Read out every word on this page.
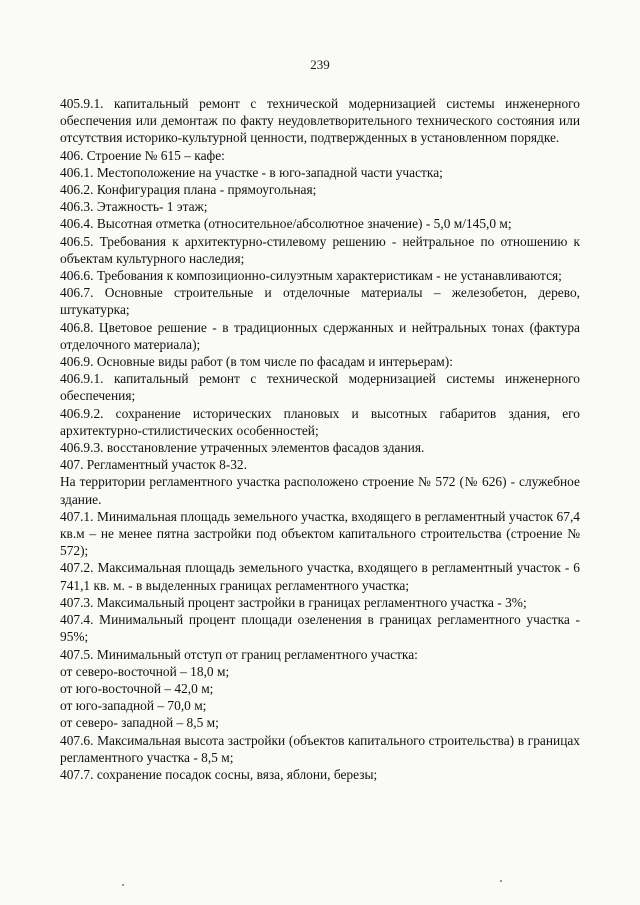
239

405.9.1. капитальный ремонт с технической модернизацией системы инженерного обеспечения или демонтаж по факту неудовлетворительного технического состояния или отсутствия историко-культурной ценности, подтвержденных в установленном порядке.

406. Строение № 615 – кафе:

406.1. Местоположение на участке - в юго-западной части участка;

406.2. Конфигурация плана - прямоугольная;

406.3. Этажность- 1 этаж;

406.4. Высотная отметка (относительное/абсолютное значение) - 5,0 м/145,0 м;

406.5. Требования к архитектурно-стилевому решению - нейтральное по отношению к объектам культурного наследия;

406.6. Требования к композиционно-силуэтным характеристикам - не устанавливаются;

406.7. Основные строительные и отделочные материалы – железобетон, дерево, штукатурка;

406.8. Цветовое решение - в традиционных сдержанных и нейтральных тонах (фактура отделочного материала);

406.9. Основные виды работ (в том числе по фасадам и интерьерам):

406.9.1. капитальный ремонт с технической модернизацией системы инженерного обеспечения;

406.9.2. сохранение исторических плановых и высотных габаритов здания, его архитектурно-стилистических особенностей;

406.9.3. восстановление утраченных элементов фасадов здания.

407. Регламентный участок 8-32.

На территории регламентного участка расположено строение № 572 (№ 626) - служебное здание.

407.1. Минимальная площадь земельного участка, входящего в регламентный участок 67,4 кв.м – не менее пятна застройки под объектом капитального строительства (строение № 572);

407.2. Максимальная площадь земельного участка, входящего в регламентный участок - 6 741,1 кв. м. - в выделенных границах регламентного участка;

407.3. Максимальный процент застройки в границах регламентного участка - 3%;

407.4. Минимальный процент площади озеленения в границах регламентного участка - 95%;

407.5. Минимальный отступ от границ регламентного участка:

от северо-восточной – 18,0 м;

от юго-восточной – 42,0 м;

от юго-западной – 70,0 м;

от северо- западной – 8,5 м;

407.6. Максимальная высота застройки (объектов капитального строительства) в границах регламентного участка - 8,5 м;

407.7. сохранение посадок сосны, вяза, яблони, березы;
